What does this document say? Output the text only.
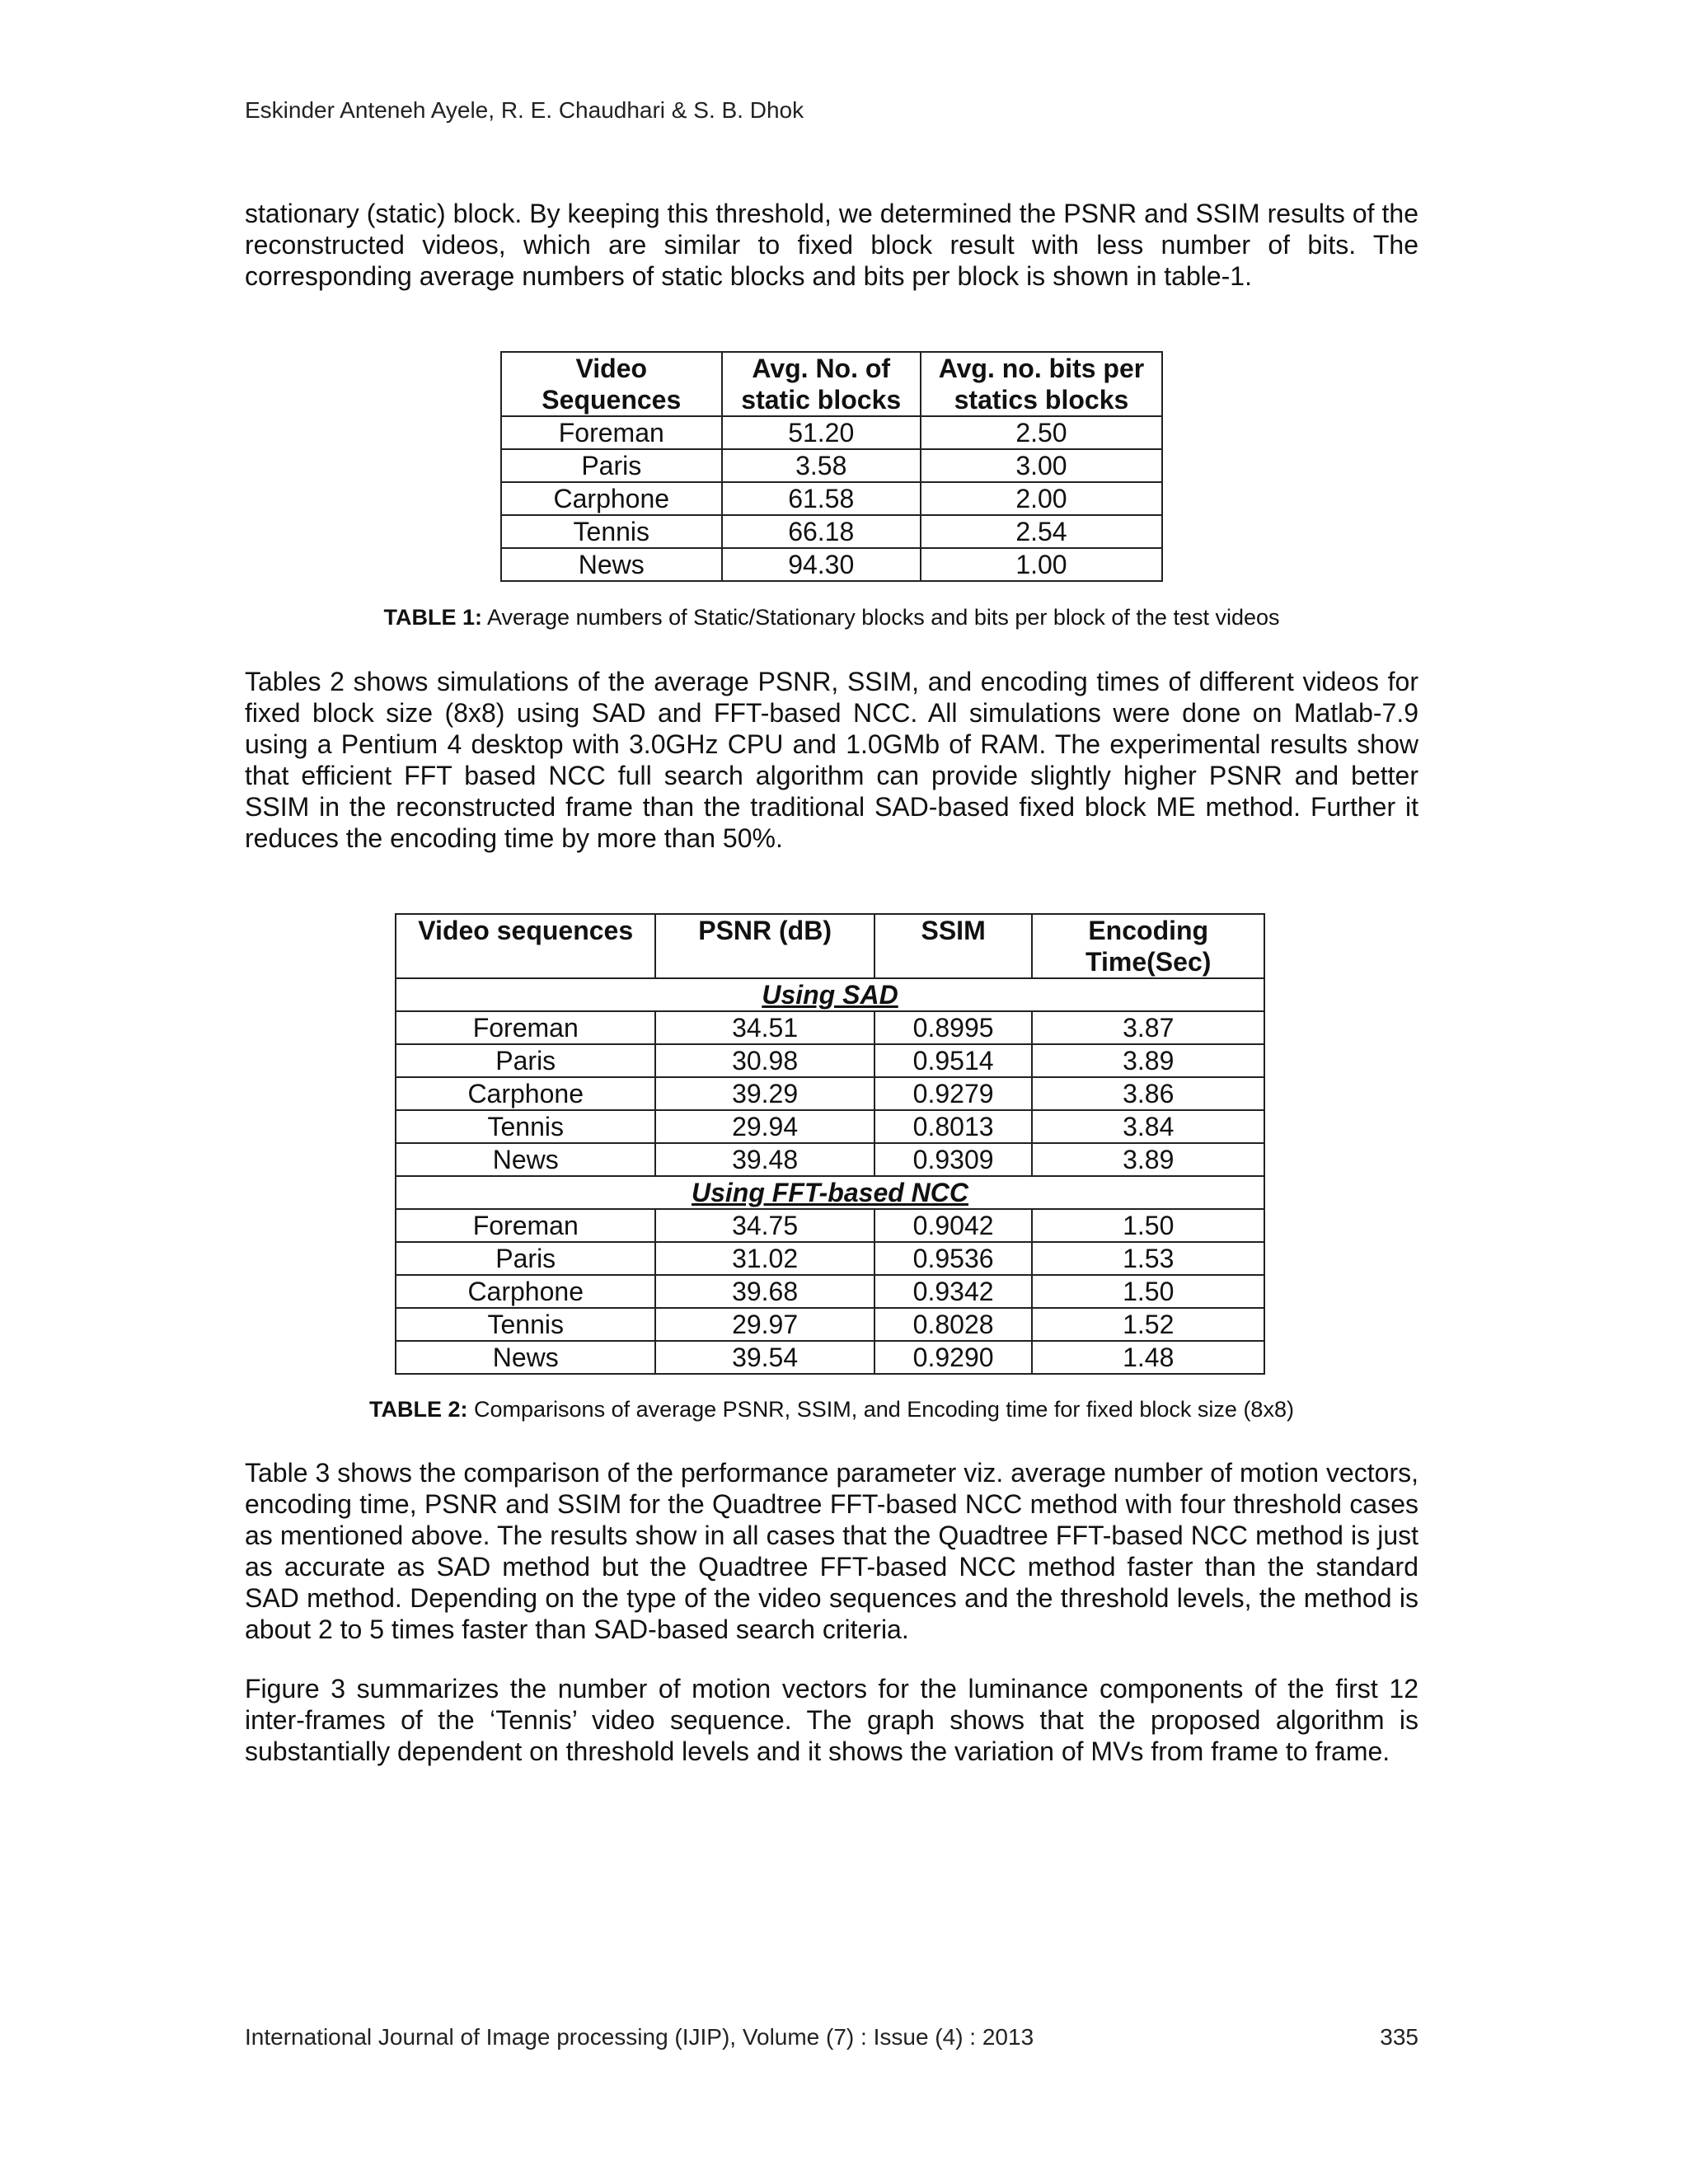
Eskinder Anteneh Ayele, R. E. Chaudhari & S. B. Dhok

stationary (static) block. By keeping this threshold, we determined the PSNR and SSIM results of the reconstructed videos, which are similar to fixed block result with less number of bits. The corresponding average numbers of static blocks and bits per block is shown in table-1.

Video Sequences	Avg. No. of static blocks	Avg. no. bits per statics blocks
Foreman	51.20	2.50
Paris	3.58	3.00
Carphone	61.58	2.00
Tennis	66.18	2.54
News	94.30	1.00
TABLE 1: Average numbers of Static/Stationary blocks and bits per block of the test videos

Tables 2 shows simulations of the average PSNR, SSIM, and encoding times of different videos for fixed block size (8x8) using SAD and FFT-based NCC. All simulations were done on Matlab-7.9 using a Pentium 4 desktop with 3.0GHz CPU and 1.0GMb of RAM. The experimental results show that efficient FFT based NCC full search algorithm can provide slightly higher PSNR and better SSIM in the reconstructed frame than the traditional SAD-based fixed block ME method. Further it reduces the encoding time by more than 50%.

Video sequences	PSNR (dB)	SSIM	Encoding Time(Sec)
Using SAD			
Foreman	34.51	0.8995	3.87
Paris	30.98	0.9514	3.89
Carphone	39.29	0.9279	3.86
Tennis	29.94	0.8013	3.84
News	39.48	0.9309	3.89
Using FFT-based NCC			
Foreman	34.75	0.9042	1.50
Paris	31.02	0.9536	1.53
Carphone	39.68	0.9342	1.50
Tennis	29.97	0.8028	1.52
News	39.54	0.9290	1.48
TABLE 2: Comparisons of average PSNR, SSIM, and Encoding time for fixed block size (8x8)

Table 3 shows the comparison of the performance parameter viz. average number of motion vectors, encoding time, PSNR and SSIM for the Quadtree FFT-based NCC method with four threshold cases as mentioned above. The results show in all cases that the Quadtree FFT-based NCC method is just as accurate as SAD method but the Quadtree FFT-based NCC method faster than the standard SAD method. Depending on the type of the video sequences and the threshold levels, the method is about 2 to 5 times faster than SAD-based search criteria.

Figure 3 summarizes the number of motion vectors for the luminance components of the first 12 inter-frames of the ‘Tennis’ video sequence. The graph shows that the proposed algorithm is substantially dependent on threshold levels and it shows the variation of MVs from frame to frame.

International Journal of Image processing (IJIP), Volume (7) : Issue (4) : 2013	335
